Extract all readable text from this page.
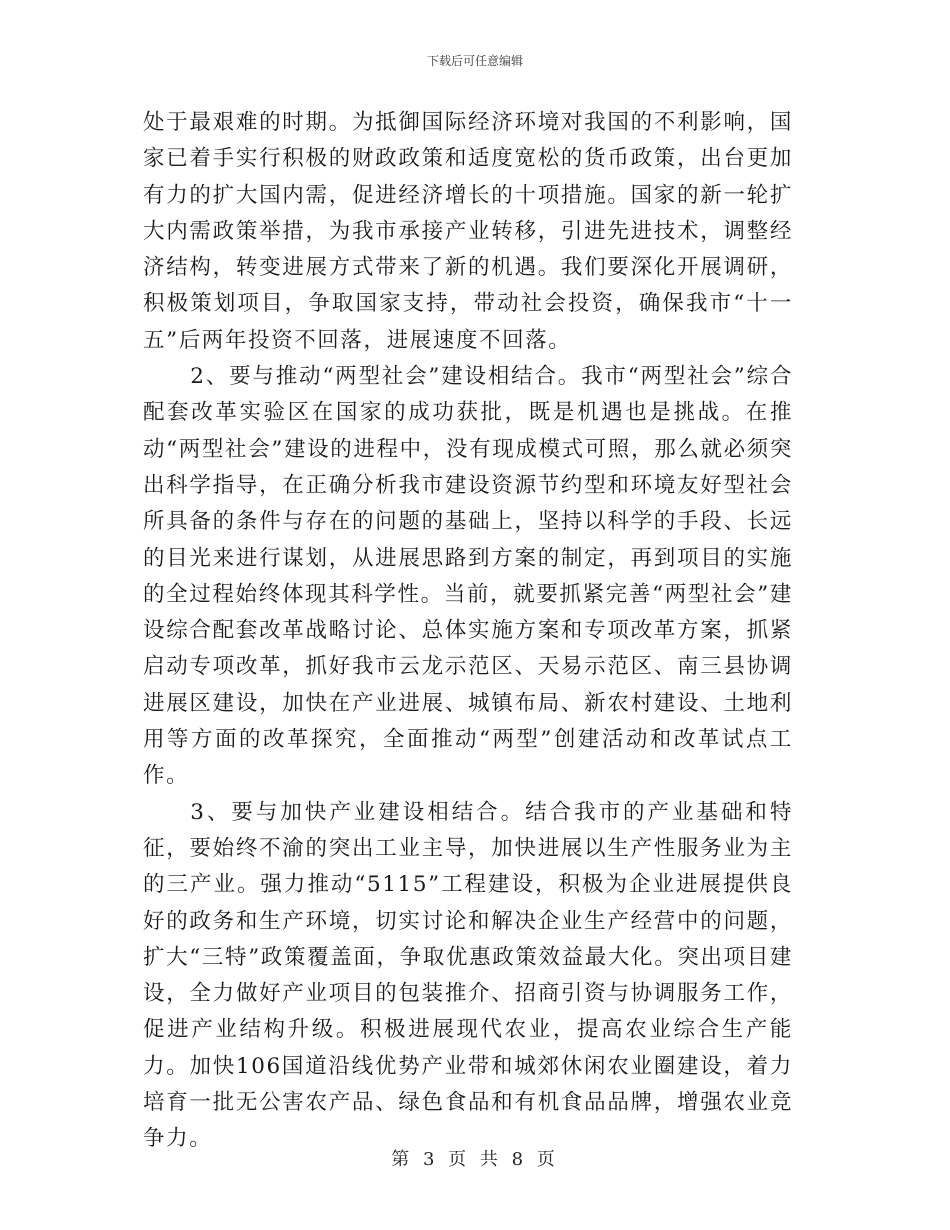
下载后可任意编辑

处于最艰难的时期。为抵御国际经济环境对我国的不利影响，国家已着手实行积极的财政政策和适度宽松的货币政策，出台更加有力的扩大国内需，促进经济增长的十项措施。国家的新一轮扩大内需政策举措，为我市承接产业转移，引进先进技术，调整经济结构，转变进展方式带来了新的机遇。我们要深化开展调研，积极策划项目，争取国家支持，带动社会投资，确保我市“十一五”后两年投资不回落，进展速度不回落。

2、要与推动“两型社会”建设相结合。我市“两型社会”综合配套改革实验区在国家的成功获批，既是机遇也是挑战。在推动“两型社会”建设的进程中，没有现成模式可照，那么就必须突出科学指导，在正确分析我市建设资源节约型和环境友好型社会所具备的条件与存在的问题的基础上，坚持以科学的手段、长远的目光来进行谋划，从进展思路到方案的制定，再到项目的实施的全过程始终体现其科学性。当前，就要抓紧完善“两型社会”建设综合配套改革战略讨论、总体实施方案和专项改革方案，抓紧启动专项改革，抓好我市云龙示范区、天易示范区、南三县协调进展区建设，加快在产业进展、城镇布局、新农村建设、土地利用等方面的改革探究，全面推动“两型”创建活动和改革试点工作。

3、要与加快产业建设相结合。结合我市的产业基础和特征，要始终不渝的突出工业主导，加快进展以生产性服务业为主的三产业。强力推动“5115”工程建设，积极为企业进展提供良好的政务和生产环境，切实讨论和解决企业生产经营中的问题，扩大“三特”政策覆盖面，争取优惠政策效益最大化。突出项目建设，全力做好产业项目的包装推介、招商引资与协调服务工作，促进产业结构升级。积极进展现代农业，提高农业综合生产能力。加快106国道沿线优势产业带和城郊休闲农业圈建设，着力培育一批无公害农产品、绿色食品和有机食品品牌，增强农业竞争力。

第 3 页 共 8 页
